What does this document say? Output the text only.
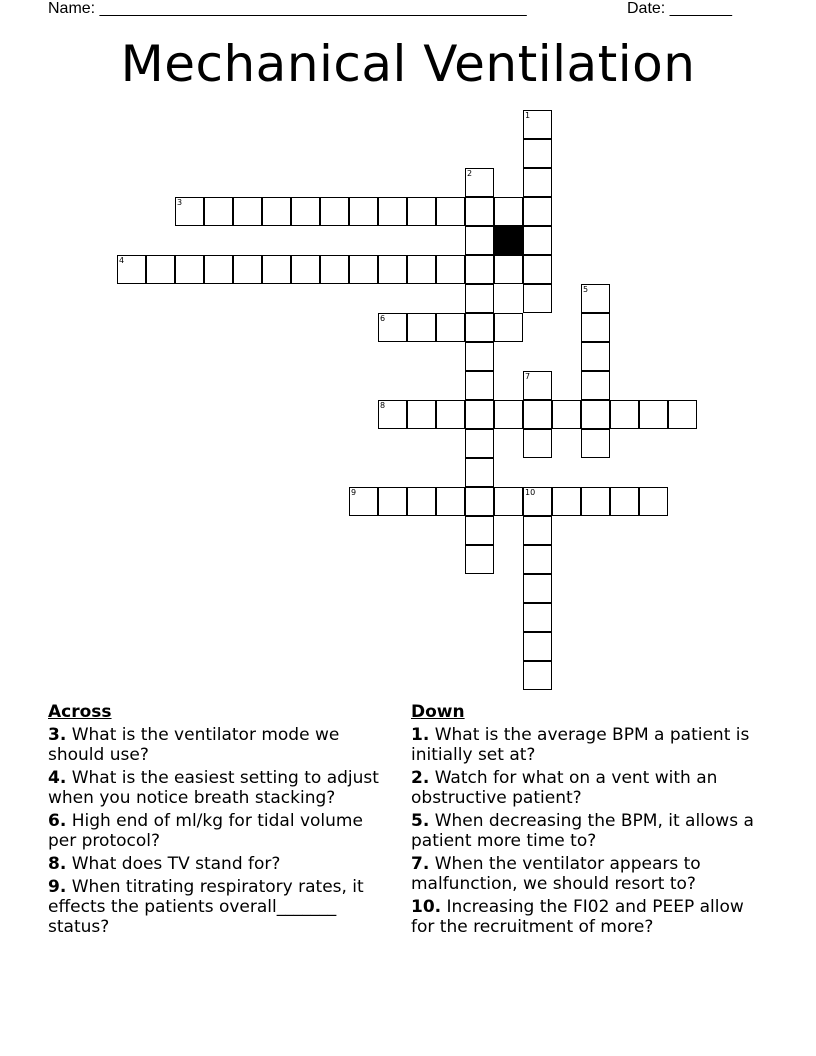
Name: ________________________________________________	Date: _______
Mechanical Ventilation
1
2
3
4
5
6
7
8
9	10
Across
3. What is the ventilator mode we should use?
4. What is the easiest setting to adjust when you notice breath stacking?
6. High end of ml/kg for tidal volume per protocol?
8. What does TV stand for?
9. When titrating respiratory rates, it effects the patients overall_______ status?
Down
1. What is the average BPM a patient is initially set at?
2. Watch for what on a vent with an obstructive patient?
5. When decreasing the BPM, it allows a patient more time to?
7. When the ventilator appears to malfunction, we should resort to?
10. Increasing the FI02 and PEEP allow for the recruitment of more?
